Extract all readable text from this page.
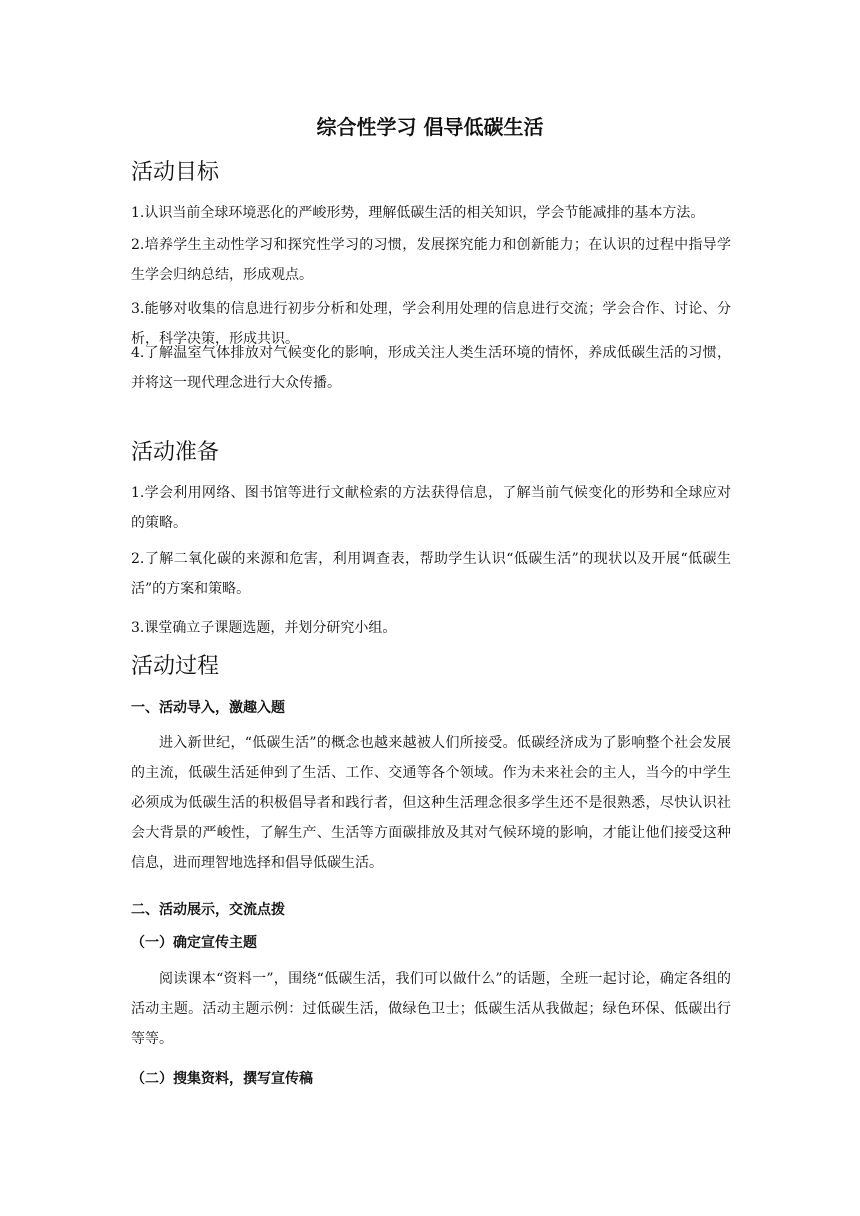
综合性学习 倡导低碳生活
活动目标
1.认识当前全球环境恶化的严峻形势，理解低碳生活的相关知识，学会节能减排的基本方法。
2.培养学生主动性学习和探究性学习的习惯，发展探究能力和创新能力；在认识的过程中指导学生学会归纳总结，形成观点。
3.能够对收集的信息进行初步分析和处理，学会利用处理的信息进行交流；学会合作、讨论、分析，科学决策，形成共识。
4.了解温室气体排放对气候变化的影响，形成关注人类生活环境的情怀，养成低碳生活的习惯，并将这一现代理念进行大众传播。
活动准备
1.学会利用网络、图书馆等进行文献检索的方法获得信息，了解当前气候变化的形势和全球应对的策略。
2.了解二氧化碳的来源和危害，利用调查表，帮助学生认识“低碳生活”的现状以及开展“低碳生活”的方案和策略。
3.课堂确立子课题选题，并划分研究小组。
活动过程
一、活动导入，激趣入题
进入新世纪，“低碳生活”的概念也越来越被人们所接受。低碳经济成为了影响整个社会发展的主流，低碳生活延伸到了生活、工作、交通等各个领域。作为未来社会的主人，当今的中学生必须成为低碳生活的积极倡导者和践行者，但这种生活理念很多学生还不是很熟悉，尽快认识社会大背景的严峻性，了解生产、生活等方面碳排放及其对气候环境的影响，才能让他们接受这种信息，进而理智地选择和倡导低碳生活。
二、活动展示，交流点拨
（一）确定宣传主题
阅读课本“资料一”，围绕“低碳生活，我们可以做什么”的话题，全班一起讨论，确定各组的活动主题。活动主题示例：过低碳生活，做绿色卫士；低碳生活从我做起；绿色环保、低碳出行等等。
（二）搜集资料，撰写宣传稿
